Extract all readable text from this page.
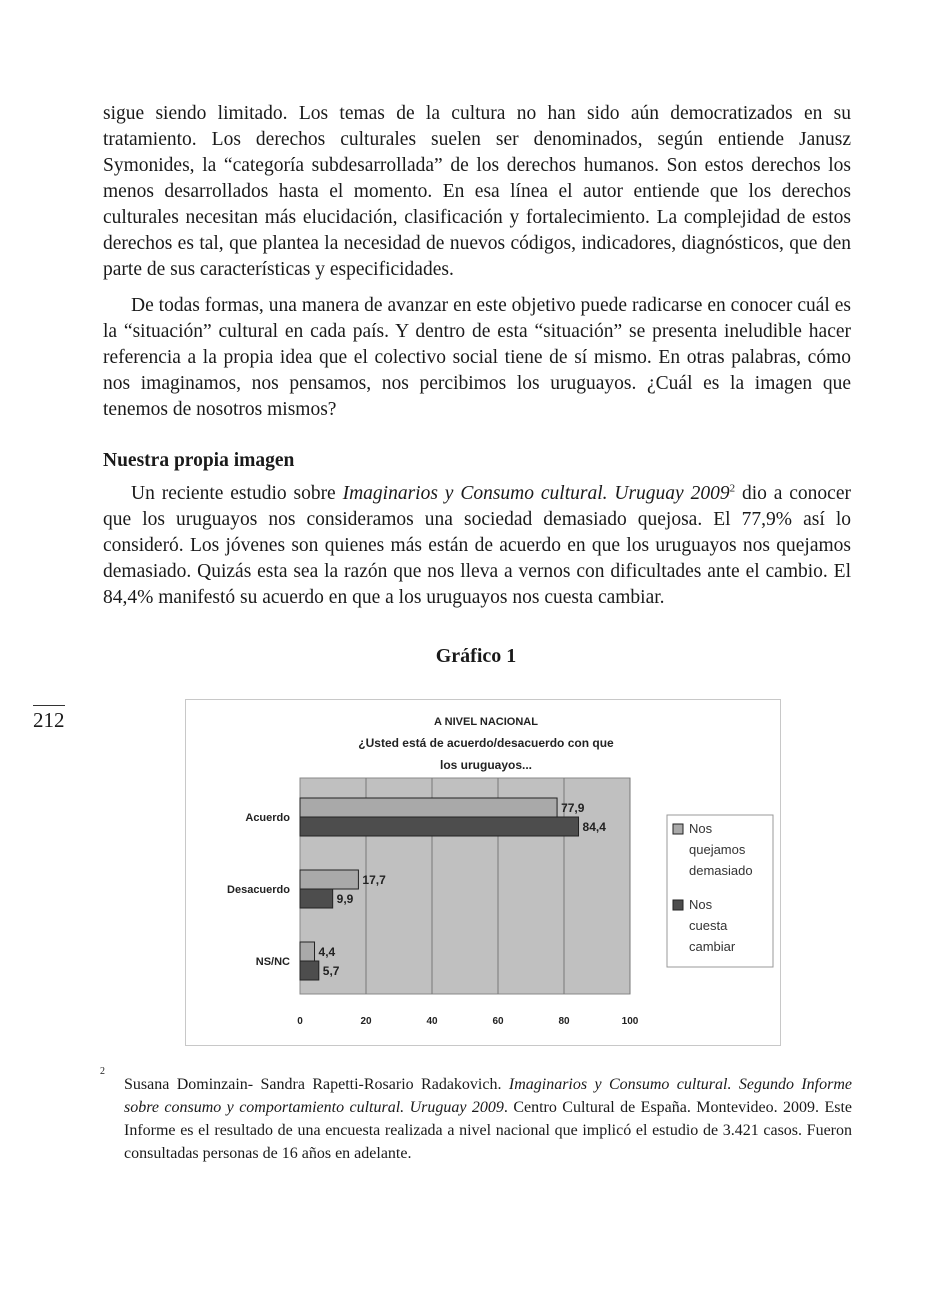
sigue siendo limitado. Los temas de la cultura no han sido aún democratizados en su tratamiento. Los derechos culturales suelen ser denominados, según entiende Janusz Symonides, la “categoría subdesarrollada” de los derechos humanos. Son estos derechos los menos desarrollados hasta el momento. En esa línea el autor entiende que los derechos culturales necesitan más elucidación, clasificación y fortalecimiento. La complejidad de estos derechos es tal, que plantea la necesidad de nuevos códigos, indicadores, diagnósticos, que den parte de sus características y especificidades.

De todas formas, una manera de avanzar en este objetivo puede radicarse en conocer cuál es la “situación” cultural en cada país. Y dentro de esta “situación” se presenta ineludible hacer referencia a la propia idea que el colectivo social tiene de sí mismo. En otras palabras, cómo nos imaginamos, nos pensamos, nos percibimos los uruguayos. ¿Cuál es la imagen que tenemos de nosotros mismos?

Nuestra propia imagen

Un reciente estudio sobre Imaginarios y Consumo cultural. Uruguay 2009$^2$ dio a conocer que los uruguayos nos consideramos una sociedad demasiado quejosa. El 77,9% así lo consideró. Los jóvenes son quienes más están de acuerdo en que los uruguayos nos quejamos demasiado. Quizás esta sea la razón que nos lleva a vernos con dificultades ante el cambio. El 84,4% manifestó su acuerdo en que a los uruguayos nos cuesta cambiar.

Gráfico 1
212	A NIVEL NACIONAL
¿Usted está de acuerdo/desacuerdo con que
los uruguayos...
0	20	40	60	80	100
Acuerdo
77,9
84,4
Desacuerdo
17,7
9,9
NS/NC
4,4
5,7
Nos
quejamos
demasiado
Nos
cuesta
cambiar
2
Susana Dominzain- Sandra Rapetti-Rosario Radakovich. Imaginarios y Consumo cultural. Segundo Informe sobre consumo y comportamiento cultural. Uruguay 2009. Centro Cultural de España. Montevideo. 2009. Este Informe es el resultado de una encuesta realizada a nivel nacional que implicó el estudio de 3.421 casos. Fueron consultadas personas de 16 años en adelante.
